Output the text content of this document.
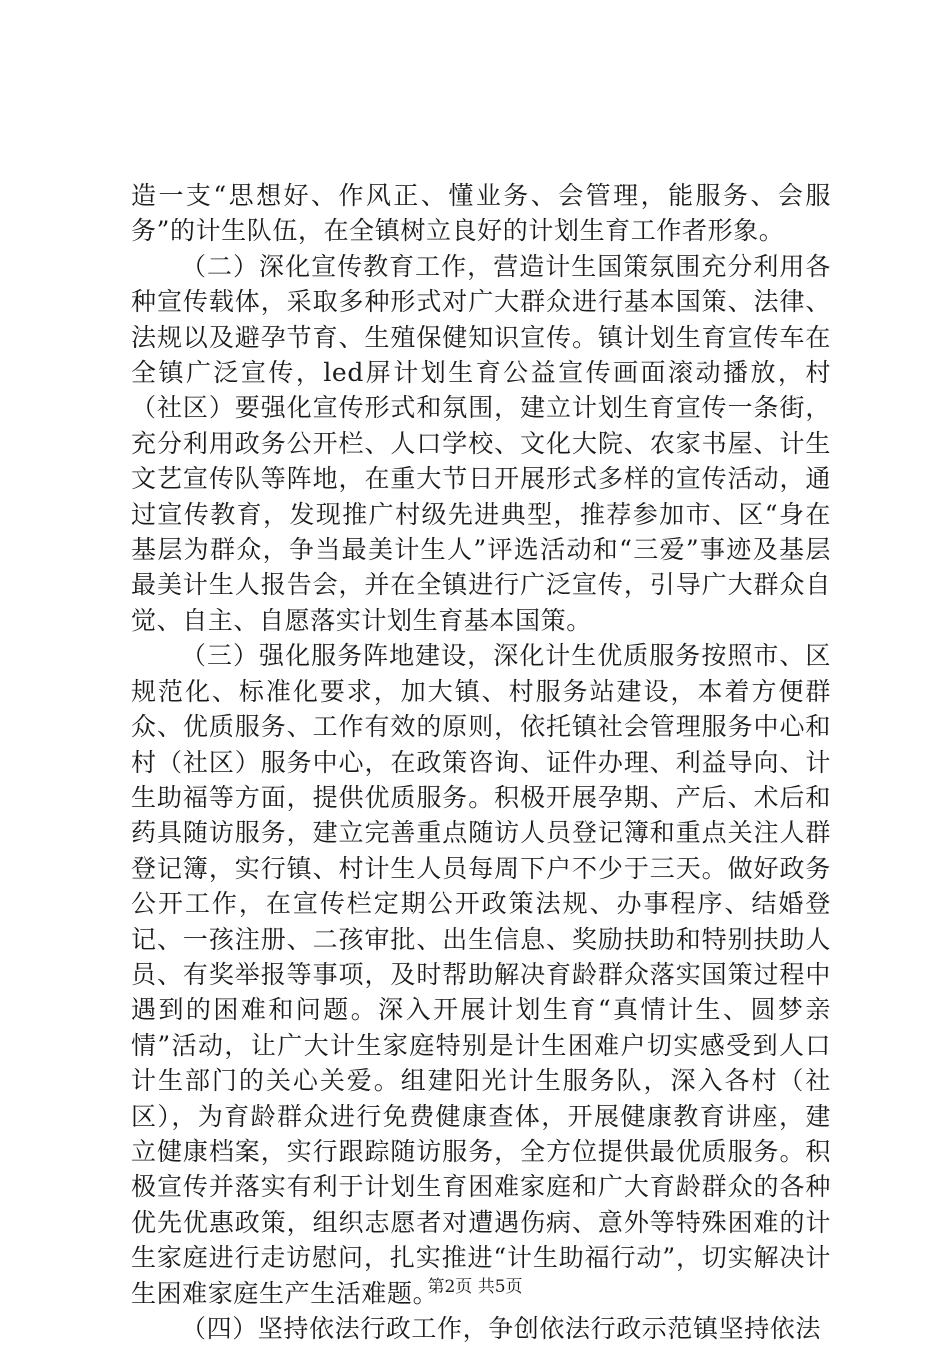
造一支“思想好、作风正、懂业务、会管理，能服务、会服务”的计生队伍，在全镇树立良好的计划生育工作者形象。

（二）深化宣传教育工作，营造计生国策氛围充分利用各种宣传载体，采取多种形式对广大群众进行基本国策、法律、法规以及避孕节育、生殖保健知识宣传。镇计划生育宣传车在全镇广泛宣传，led屏计划生育公益宣传画面滚动播放，村（社区）要强化宣传形式和氛围，建立计划生育宣传一条街，充分利用政务公开栏、人口学校、文化大院、农家书屋、计生文艺宣传队等阵地，在重大节日开展形式多样的宣传活动，通过宣传教育，发现推广村级先进典型，推荐参加市、区“身在基层为群众，争当最美计生人”评选活动和“三爱”事迹及基层最美计生人报告会，并在全镇进行广泛宣传，引导广大群众自觉、自主、自愿落实计划生育基本国策。

（三）强化服务阵地建设，深化计生优质服务按照市、区规范化、标准化要求，加大镇、村服务站建设，本着方便群众、优质服务、工作有效的原则，依托镇社会管理服务中心和村（社区）服务中心，在政策咨询、证件办理、利益导向、计生助福等方面，提供优质服务。积极开展孕期、产后、术后和药具随访服务，建立完善重点随访人员登记簿和重点关注人群登记簿，实行镇、村计生人员每周下户不少于三天。做好政务公开工作，在宣传栏定期公开政策法规、办事程序、结婚登记、一孩注册、二孩审批、出生信息、奖励扶助和特别扶助人员、有奖举报等事项，及时帮助解决育龄群众落实国策过程中遇到的困难和问题。深入开展计划生育“真情计生、圆梦亲情”活动，让广大计生家庭特别是计生困难户切实感受到人口计生部门的关心关爱。组建阳光计生服务队，深入各村（社区），为育龄群众进行免费健康查体，开展健康教育讲座，建立健康档案，实行跟踪随访服务，全方位提供最优质服务。积极宣传并落实有利于计划生育困难家庭和广大育龄群众的各种优先优惠政策，组织志愿者对遭遇伤病、意外等特殊困难的计生家庭进行走访慰问，扎实推进“计生助福行动”，切实解决计生困难家庭生产生活难题。

（四）坚持依法行政工作，争创依法行政示范镇坚持依法

第2页 共5页
